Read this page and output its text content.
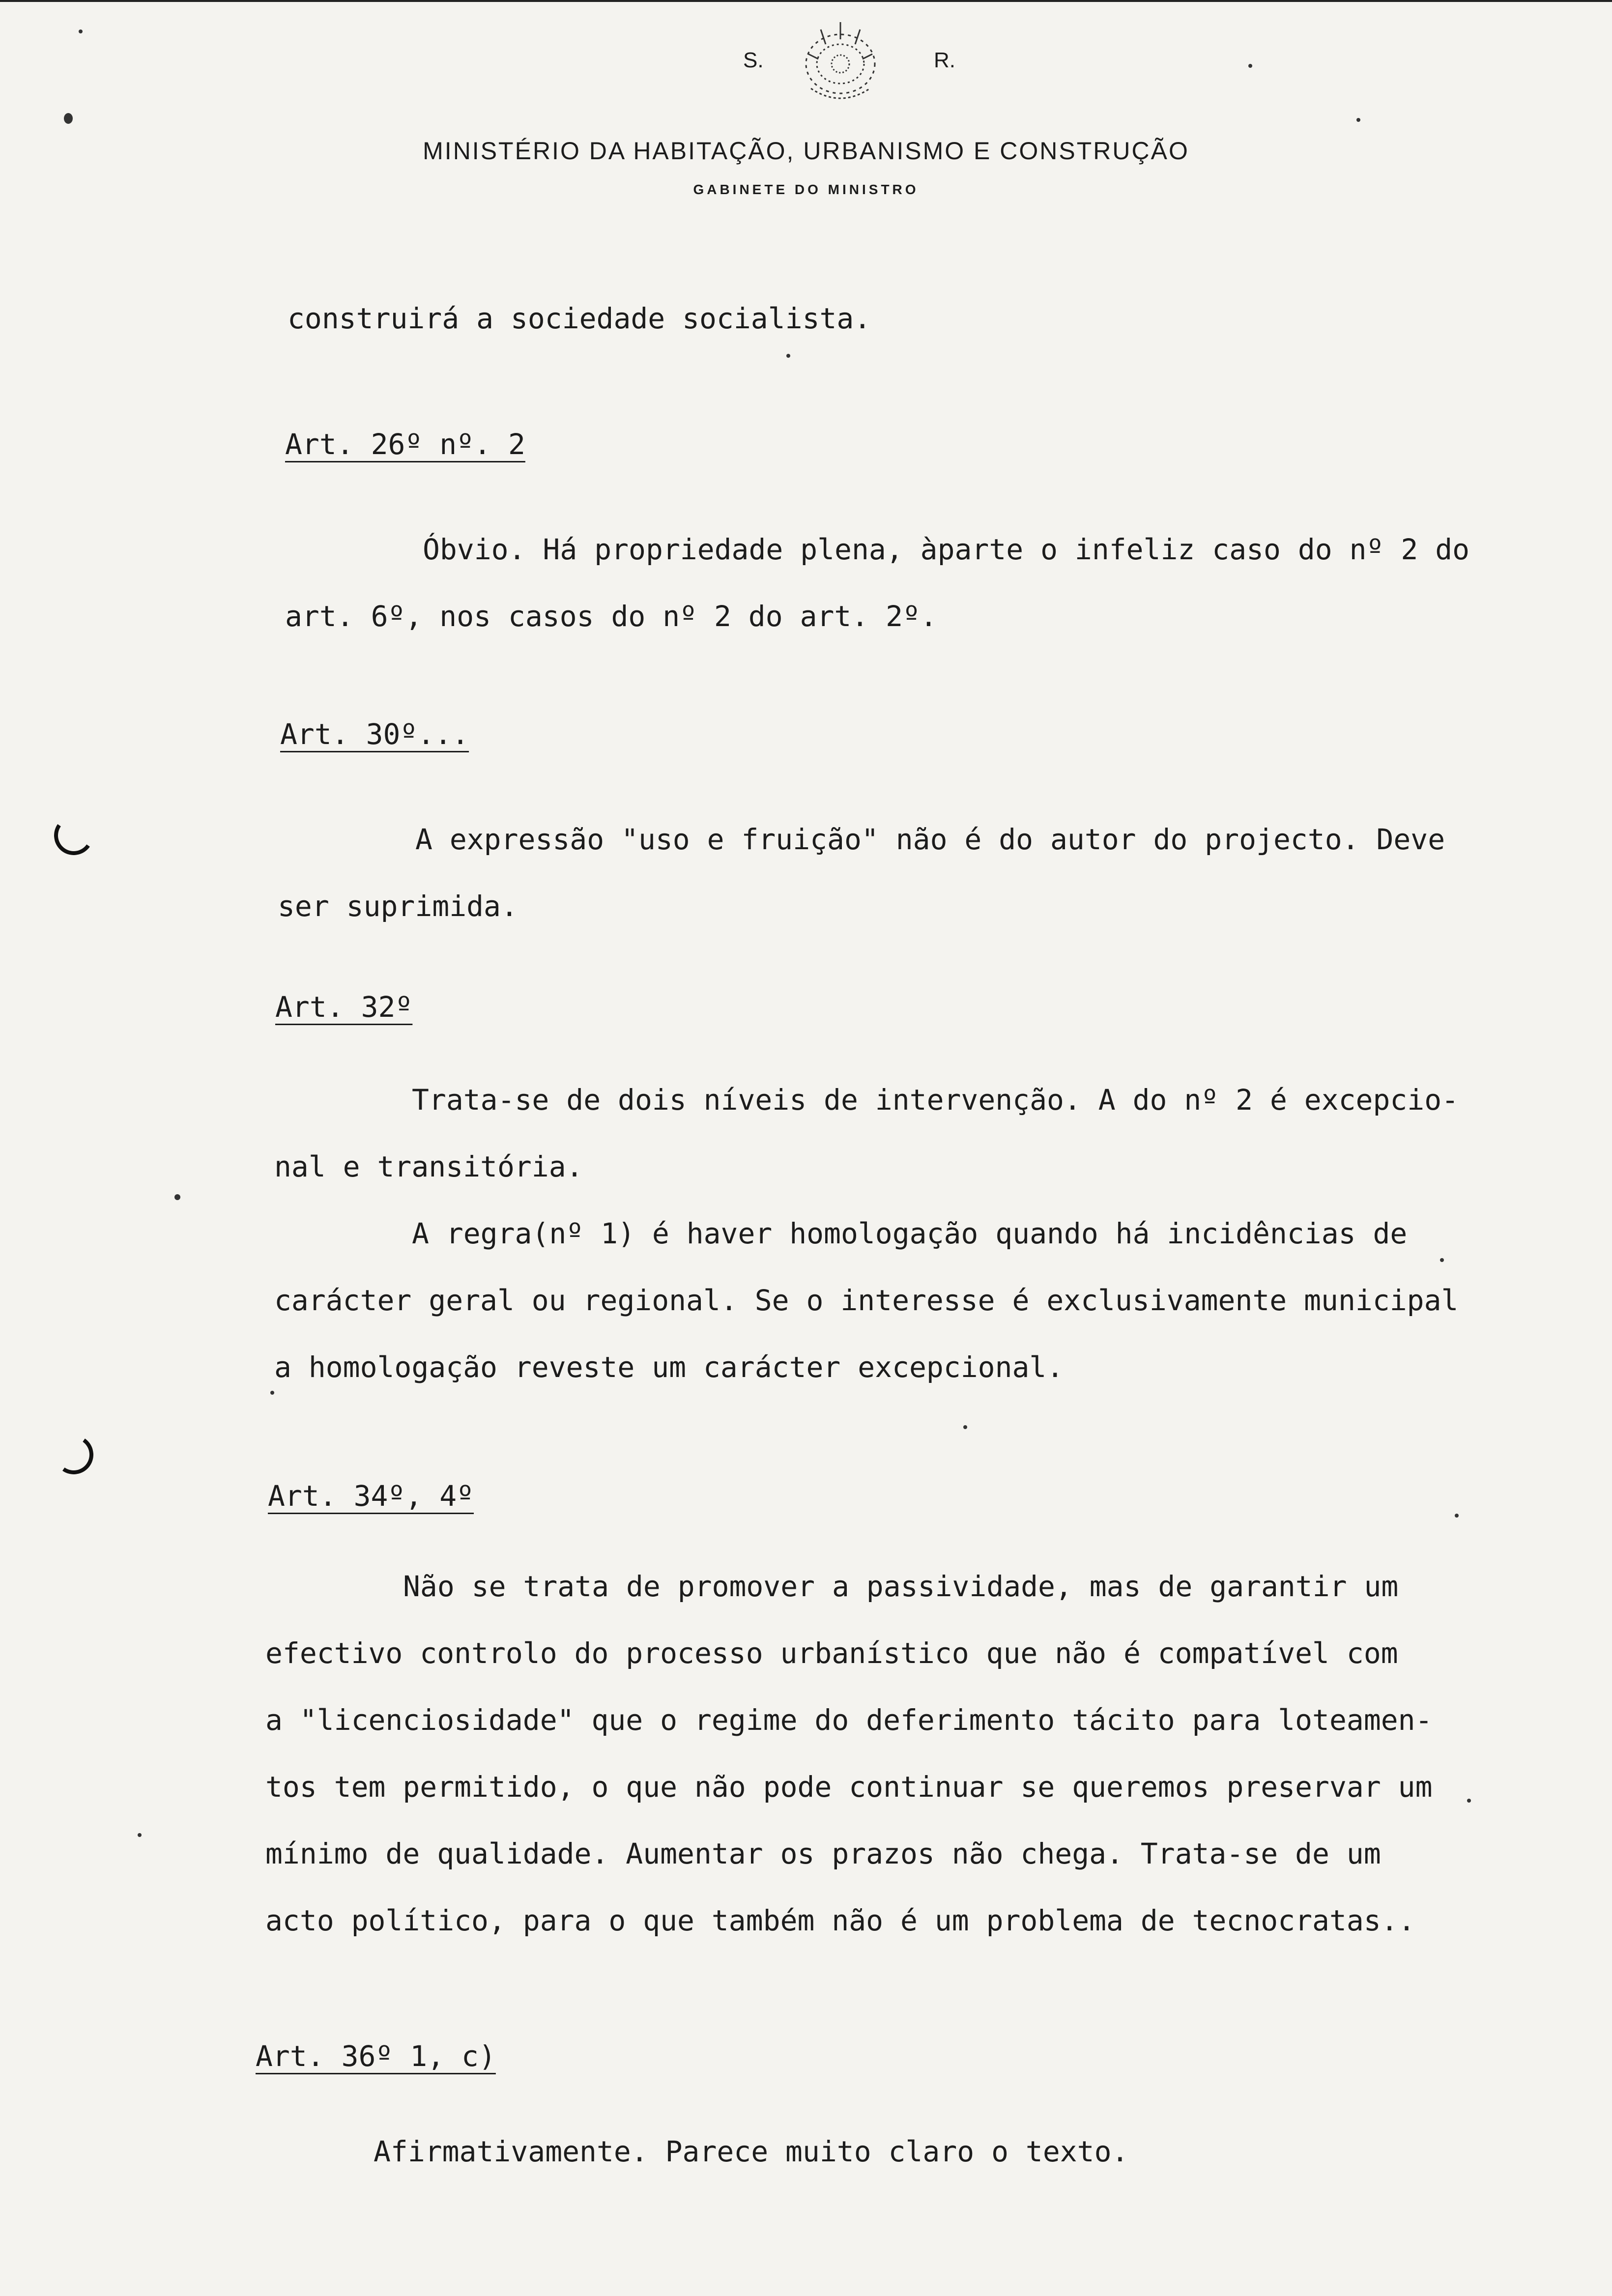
S.	R.
MINISTÉRIO DA HABITAÇÃO, URBANISMO E CONSTRUÇÃO
GABINETE DO MINISTRO
construirá a sociedade socialista.
Art. 26º nº. 2

Óbvio. Há propriedade plena, àparte o infeliz caso do nº 2 do

art. 6º, nos casos do nº 2 do art. 2º.

Art. 30º...

A expressão "uso e fruição" não é do autor do projecto. Deve

ser suprimida.

Art. 32º

Trata-se de dois níveis de intervenção. A do nº 2 é excepcio-

nal e transitória.

A regra(nº 1) é haver homologação quando há incidências de

carácter geral ou regional. Se o interesse é exclusivamente municipal

a homologação reveste um carácter excepcional.

Art. 34º, 4º

Não se trata de promover a passividade, mas de garantir um

efectivo controlo do processo urbanístico que não é compatível com

a "licenciosidade" que o regime do deferimento tácito para loteamen-

tos tem permitido, o que não pode continuar se queremos preservar um

mínimo de qualidade. Aumentar os prazos não chega. Trata-se de um

acto político, para o que também não é um problema de tecnocratas..

Art. 36º 1, c)

Afirmativamente. Parece muito claro o texto.
